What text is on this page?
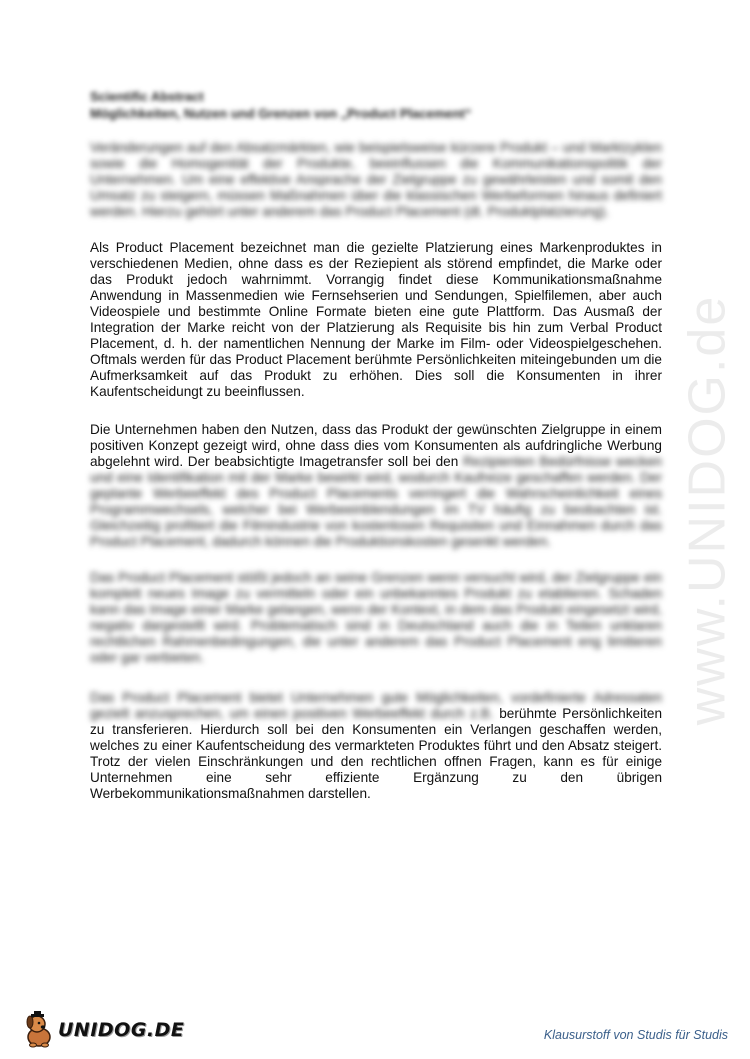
www.UNIDOG.de

Scientific Abstract

Möglichkeiten, Nutzen und Grenzen von „Product Placement“

Veränderungen auf den Absatzmärkten, wie beispielsweise kürzere Produkt – und Marktzyklen sowie die Homogenität der Produkte, beeinflussen die Kommunikationspolitik der Unternehmen. Um eine effektive Ansprache der Zielgruppe zu gewährleisten und somit den Umsatz zu steigern, müssen Maßnahmen über die klassischen Werbeformen hinaus definiert werden. Hierzu gehört unter anderem das Product Placement (dt. Produktplatzierung).

Als Product Placement bezeichnet man die gezielte Platzierung eines Markenproduktes in verschiedenen Medien, ohne dass es der Reziepient als störend empfindet, die Marke oder das Produkt jedoch wahrnimmt. Vorrangig findet diese Kommunikationsmaßnahme Anwendung in Massenmedien wie Fernsehserien und Sendungen, Spielfilemen, aber auch Videospiele und bestimmte Online Formate bieten eine gute Plattform. Das Ausmaß der Integration der Marke reicht von der Platzierung als Requisite bis hin zum Verbal Product Placement, d. h. der namentlichen Nennung der Marke im Film- oder Videospielgeschehen. Oftmals werden für das Product Placement berühmte Persönlichkeiten miteingebunden um die Aufmerksamkeit auf das Produkt zu erhöhen. Dies soll die Konsumenten in ihrer Kaufentscheidungt zu beeinflussen.

Die Unternehmen haben den Nutzen, dass das Produkt der gewünschten Zielgruppe in einem positiven Konzept gezeigt wird, ohne dass dies vom Konsumenten als aufdringliche Werbung abgelehnt wird. Der beabsichtigte Imagetransfer soll bei den Rezipienten Bedürfnisse wecken und eine Identifikation mit der Marke bewirkt wird, wodurch Kaufreize geschaffen werden. Der geplante Werbeeffekt des Product Placements verringert die Wahrscheinlichkeit eines Programmwechsels, welcher bei Werbeeinblendungen im TV häufig zu beobachten ist. Gleichzeitig profitiert die Filmindustrie von kostenlosen Requisiten und Einnahmen durch das Product Placement, dadurch können die Produktionskosten gesenkt werden.

Das Product Placement stößt jedoch an seine Grenzen wenn versucht wird, der Zielgruppe ein komplett neues Image zu vermitteln oder ein unbekanntes Produkt zu etablieren. Schaden kann das Image einer Marke gelangen, wenn der Kontext, in dem das Produkt eingesetzt wird, negativ dargestellt wird. Problematisch sind in Deutschland auch die in Teilen unklaren rechtlichen Rahmenbedingungen, die unter anderem das Product Placement eng limitieren oder gar verbieten.

Das Product Placement bietet Unternehmen gute Möglichkeiten, vordefinierte Adressaten gezielt anzusprechen, um einen positiven Werbeeffekt durch z.B. berühmte Persönlichkeiten zu transferieren. Hierdurch soll bei den Konsumenten ein Verlangen geschaffen werden, welches zu einer Kaufentscheidung des vermarkteten Produktes führt und den Absatz steigert. Trotz der vielen Einschränkungen und den rechtlichen offnen Fragen, kann es für einige Unternehmen eine sehr effiziente Ergänzung zu den übrigen Werbekommunikationsmaßnahmen darstellen.
UNIDOG.DE	Klausurstoff von Studis für Studis
